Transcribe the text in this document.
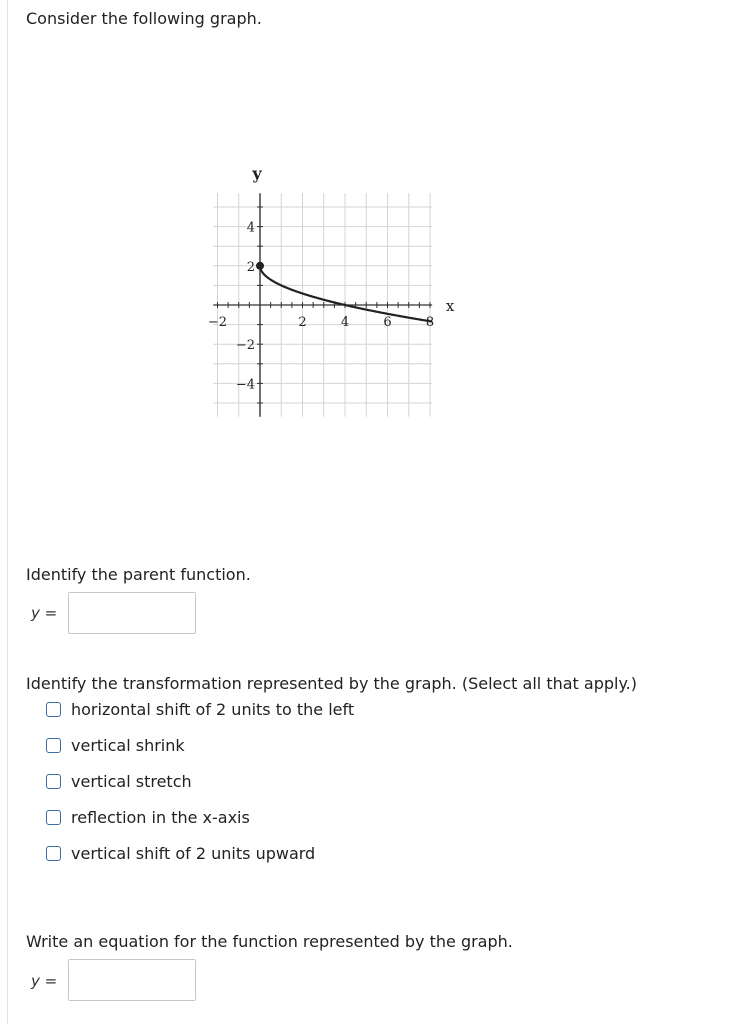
Consider the following graph.
−2	2	4	6	8
4
2
−2
−4
x
y
Identify the parent function.
y =
Identify the transformation represented by the graph. (Select all that apply.)
horizontal shift of 2 units to the left
vertical shrink
vertical stretch
reflection in the x-axis
vertical shift of 2 units upward
Write an equation for the function represented by the graph.
y =
